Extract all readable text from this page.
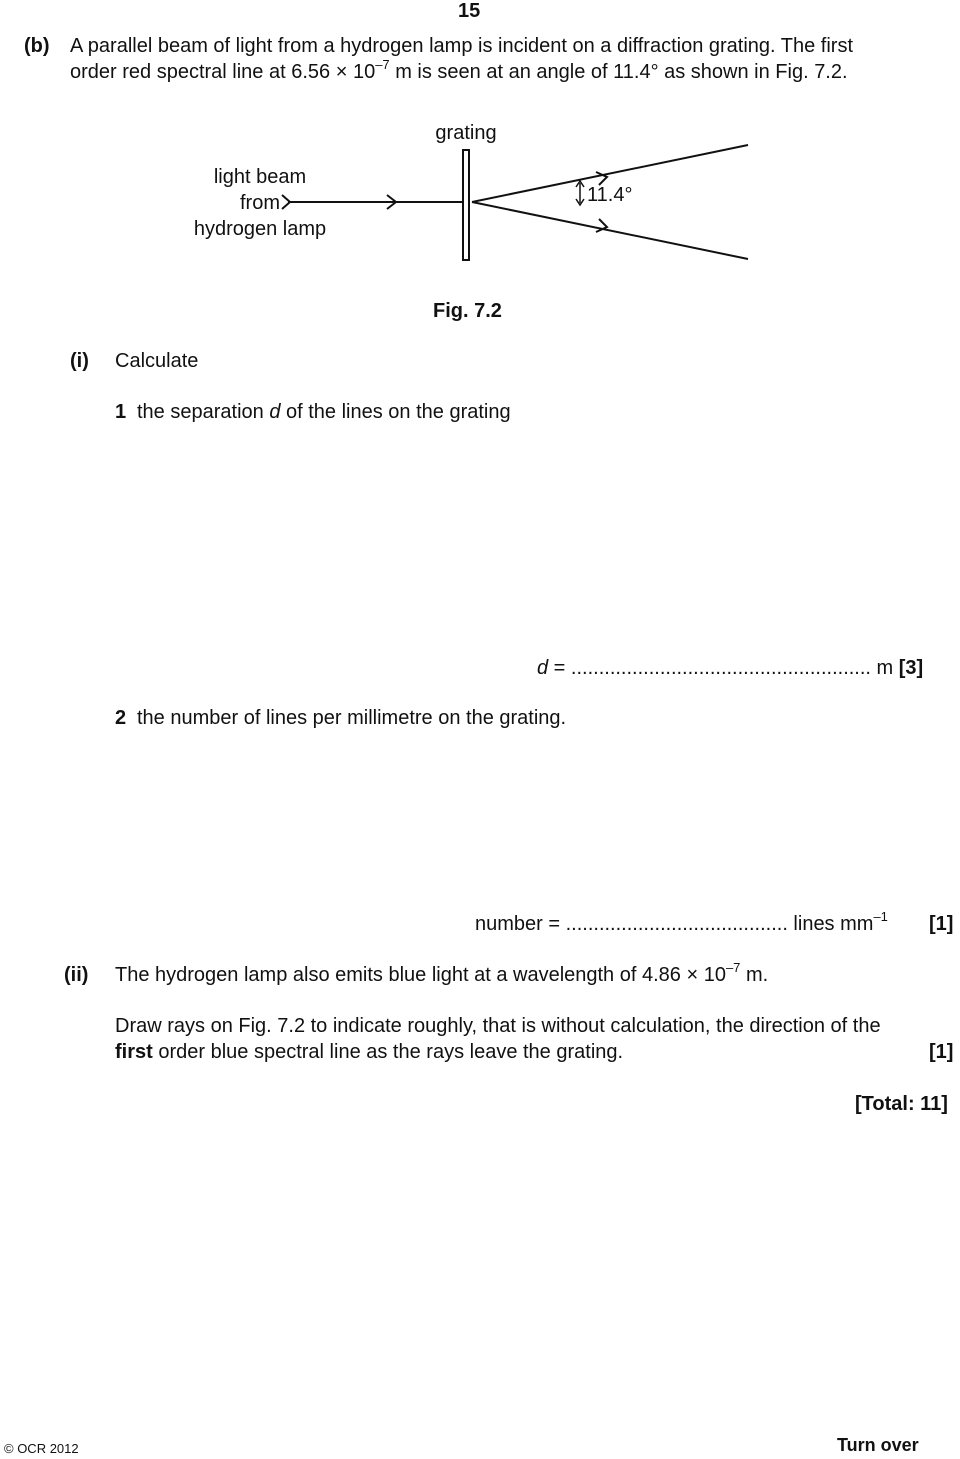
15
(b) A parallel beam of light from a hydrogen lamp is incident on a diffraction grating. The first
order red spectral line at $6.56 \times 10^{-7}$ m is seen at an angle of 11.4° as shown in Fig. 7.2.
grating
light beam
from
hydrogen lamp
11.4°
Fig. 7.2
(i) Calculate
1 the separation d of the lines on the grating
d = ...................................................... m [3]
2 the number of lines per millimetre on the grating.
number = ........................................ lines $mm^{-1}$ [1]
(ii) The hydrogen lamp also emits blue light at a wavelength of $4.86 \times 10^{-7}$ m.
Draw rays on Fig. 7.2 to indicate roughly, that is without calculation, the direction of the
first order blue spectral line as the rays leave the grating.	[1]
[Total: 11]
© OCR 2012	Turn over
